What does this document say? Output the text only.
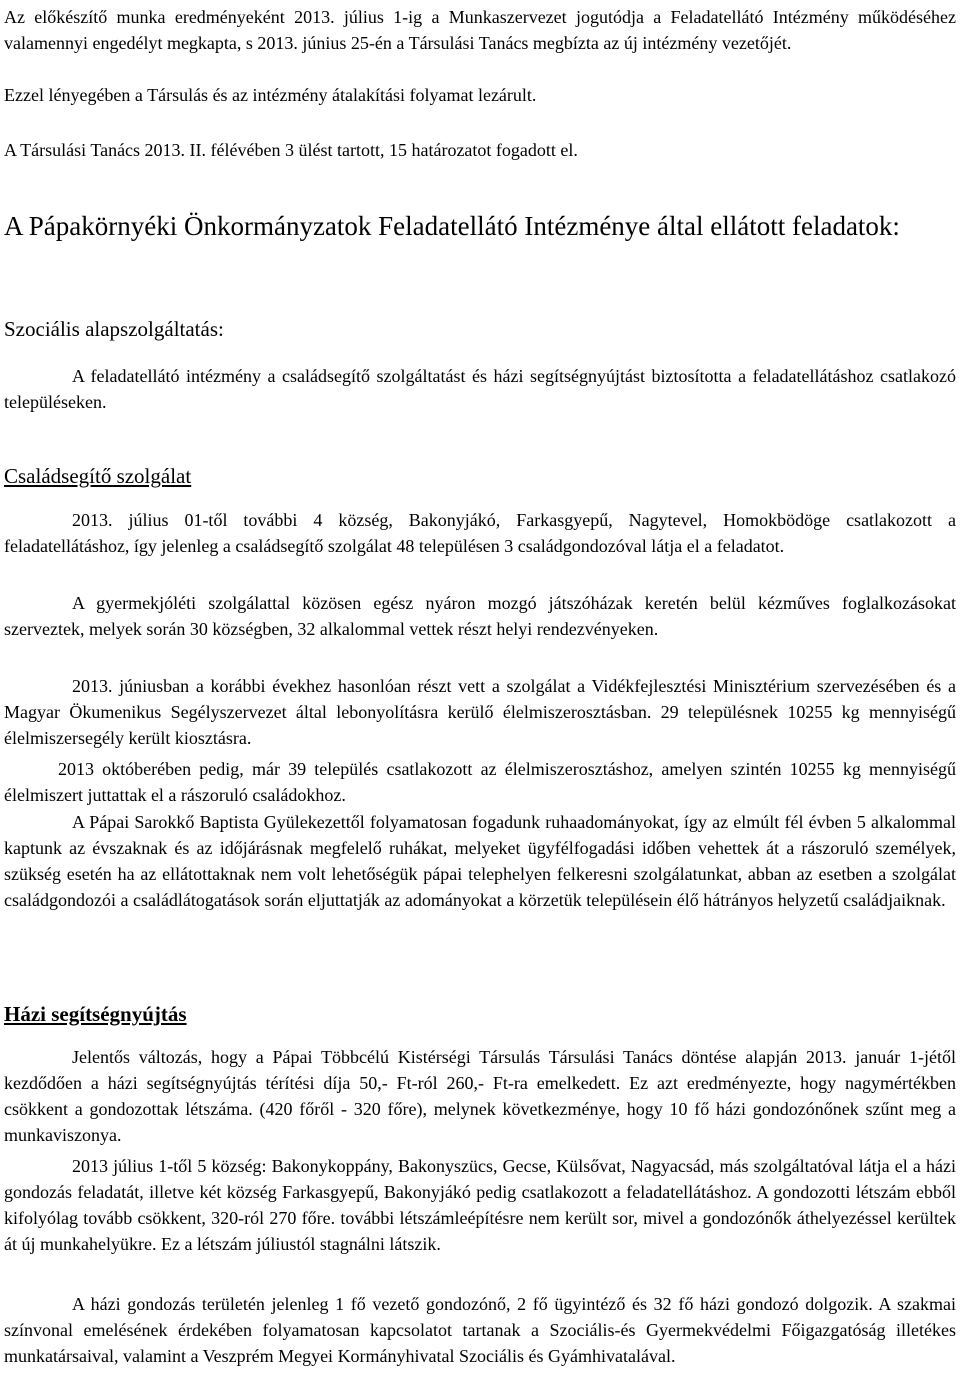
Az előkészítő munka eredményeként 2013. július 1-ig a Munkaszervezet jogutódja a Feladatellátó Intézmény működéséhez valamennyi engedélyt megkapta, s 2013. június 25-én a Társulási Tanács megbízta az új intézmény vezetőjét.

Ezzel lényegében a Társulás és az intézmény átalakítási folyamat lezárult.

A Társulási Tanács 2013. II. félévében 3 ülést tartott, 15 határozatot fogadott el.

A Pápakörnyéki Önkormányzatok Feladatellátó Intézménye által ellátott feladatok:
Szociális alapszolgáltatás:

A feladatellátó intézmény a családsegítő szolgáltatást és házi segítségnyújtást biztosította a feladatellátáshoz csatlakozó településeken.

Családsegítő szolgálat

2013. július 01-től további 4 község, Bakonyjákó, Farkasgyepű, Nagytevel, Homokbödöge csatlakozott a feladatellátáshoz, így jelenleg a családsegítő szolgálat 48 településen 3 családgondozóval látja el a feladatot.

A gyermekjóléti szolgálattal közösen egész nyáron mozgó játszóházak keretén belül kézműves foglalkozásokat szerveztek, melyek során 30 községben, 32 alkalommal vettek részt helyi rendezvényeken.

2013. júniusban a korábbi évekhez hasonlóan részt vett a szolgálat a Vidékfejlesztési Minisztérium szervezésében és a Magyar Ökumenikus Segélyszervezet által lebonyolításra kerülő élelmiszerosztásban. 29 településnek 10255 kg mennyiségű élelmiszersegély került kiosztásra.

2013 októberében pedig, már 39 település csatlakozott az élelmiszerosztáshoz, amelyen szintén 10255 kg mennyiségű élelmiszert juttattak el a rászoruló családokhoz.

A Pápai Sarokkő Baptista Gyülekezettől folyamatosan fogadunk ruhaadományokat, így az elmúlt fél évben 5 alkalommal kaptunk az évszaknak és az időjárásnak megfelelő ruhákat, melyeket ügyfélfogadási időben vehettek át a rászoruló személyek, szükség esetén ha az ellátottaknak nem volt lehetőségük pápai telephelyen felkeresni szolgálatunkat, abban az esetben a szolgálat családgondozói a családlátogatások során eljuttatják az adományokat a körzetük településein élő hátrányos helyzetű családjaiknak.

Házi segítségnyújtás

Jelentős változás, hogy a Pápai Többcélú Kistérségi Társulás Társulási Tanács döntése alapján 2013. január 1-jétől kezdődően a házi segítségnyújtás térítési díja 50,- Ft-ról 260,- Ft-ra emelkedett. Ez azt eredményezte, hogy nagymértékben csökkent a gondozottak létszáma. (420 főről - 320 főre), melynek következménye, hogy 10 fő házi gondozónőnek szűnt meg a munkaviszonya.

2013 július 1-től 5 község: Bakonykoppány, Bakonyszücs, Gecse, Külsővat, Nagyacsád, más szolgáltatóval látja el a házi gondozás feladatát, illetve két község Farkasgyepű, Bakonyjákó pedig csatlakozott a feladatellátáshoz. A gondozotti létszám ebből kifolyólag tovább csökkent, 320-ról 270 főre. további létszámleépítésre nem került sor, mivel a gondozónők áthelyezéssel kerültek át új munkahelyükre. Ez a létszám júliustól stagnálni látszik.

A házi gondozás területén jelenleg 1 fő vezető gondozónő, 2 fő ügyintéző és 32 fő házi gondozó dolgozik. A szakmai színvonal emelésének érdekében folyamatosan kapcsolatot tartanak a Szociális-és Gyermekvédelmi Főigazgatóság illetékes munkatársaival, valamint a Veszprém Megyei Kormányhivatal Szociális és Gyámhivatalával.
